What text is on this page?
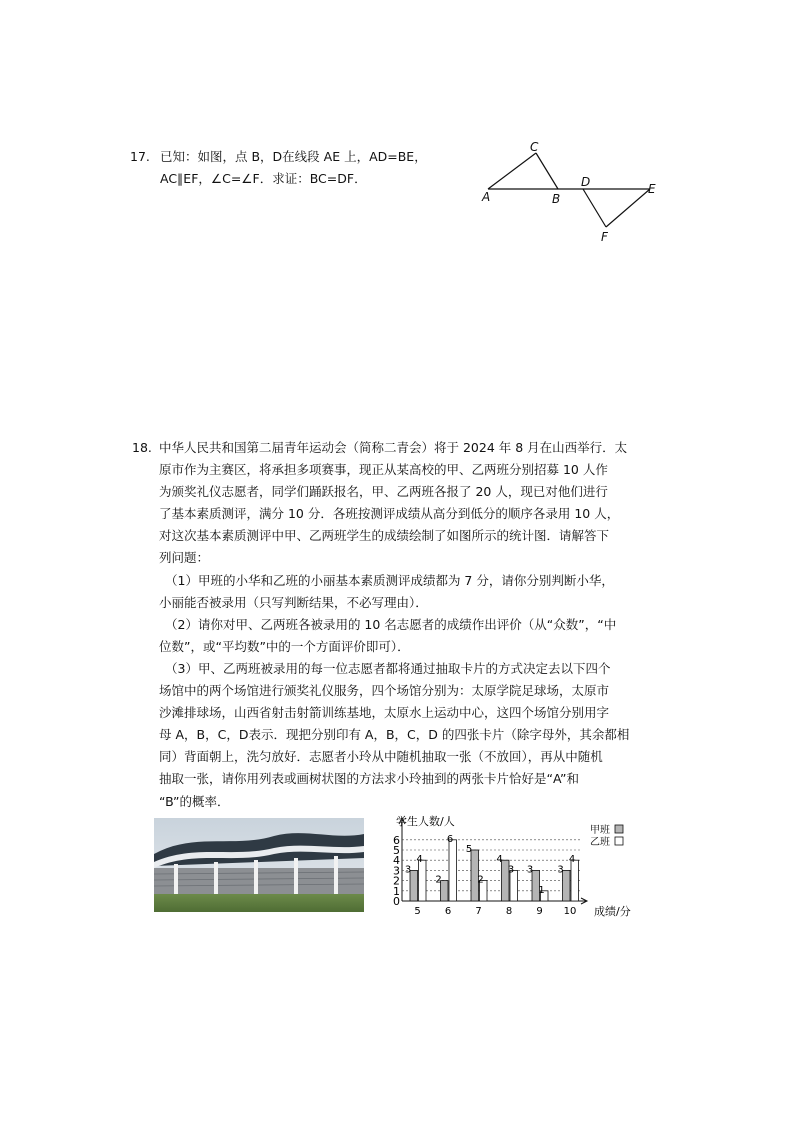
17. 已知：如图，点 B，D在线段 AE 上，AD=BE，
AC∥EF，∠C=∠F．求证：BC=DF．
A	B
C
D	E
F
18. 中华人民共和国第二届青年运动会（简称二青会）将于 2024 年 8 月在山西举行．太
原市作为主赛区，将承担多项赛事，现正从某高校的甲、乙两班分别招募 10 人作
为颁奖礼仪志愿者，同学们踊跃报名，甲、乙两班各报了 20 人，现已对他们进行
了基本素质测评，满分 10 分．各班按测评成绩从高分到低分的顺序各录用 10 人，
对这次基本素质测评中甲、乙两班学生的成绩绘制了如图所示的统计图．请解答下
列问题：
（1）甲班的小华和乙班的小丽基本素质测评成绩都为 7 分，请你分别判断小华，
小丽能否被录用（只写判断结果，不必写理由）．
（2）请你对甲、乙两班各被录用的 10 名志愿者的成绩作出评价（从“众数”，“中
位数”，或“平均数”中的一个方面评价即可）．
（3）甲、乙两班被录用的每一位志愿者都将通过抽取卡片的方式决定去以下四个
场馆中的两个场馆进行颁奖礼仪服务，四个场馆分别为：太原学院足球场，太原市
沙滩排球场，山西省射击射箭训练基地，太原水上运动中心，这四个场馆分别用字
母 A，B，C，D表示．现把分别印有 A，B，C，D 的四张卡片（除字母外，其余都相
同）背面朝上，洗匀放好．志愿者小玲从中随机抽取一张（不放回），再从中随机
抽取一张，请你用列表或画树状图的方法求小玲抽到的两张卡片恰好是“A”和
“B”的概率．
学生人数/人
成绩/分
甲班
乙班
0
1
2
3
4
5
6
3
4
5
2
6
6
5
2
7
4
3
8
3
1
9
3
4
10
